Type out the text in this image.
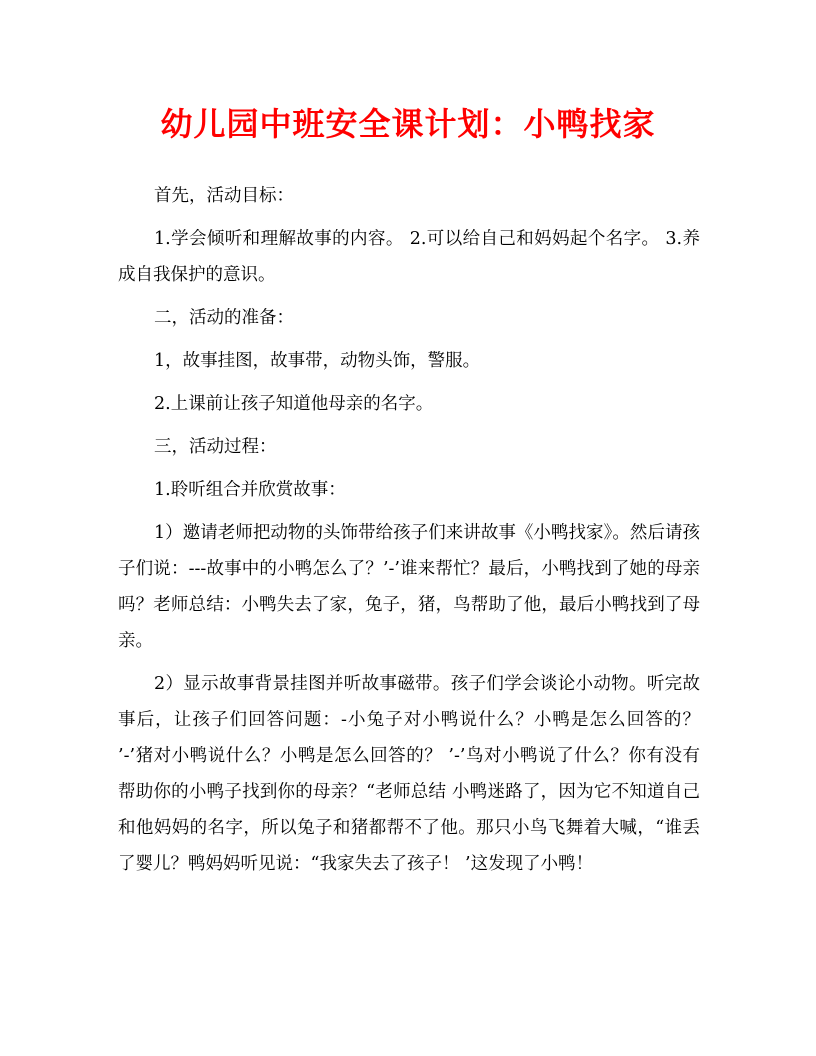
幼儿园中班安全课计划：小鸭找家

首先，活动目标：

1.学会倾听和理解故事的内容。 2.可以给自己和妈妈起个名字。 3.养成自我保护的意识。

二，活动的准备：

1，故事挂图，故事带，动物头饰，警服。

2.上课前让孩子知道他母亲的名字。

三，活动过程：

1.聆听组合并欣赏故事：

1）邀请老师把动物的头饰带给孩子们来讲故事《小鸭找家》。然后请孩子们说：---故事中的小鸭怎么了？’-’谁来帮忙？最后，小鸭找到了她的母亲吗？老师总结：小鸭失去了家，兔子，猪，鸟帮助了他，最后小鸭找到了母亲。

2）显示故事背景挂图并听故事磁带。孩子们学会谈论小动物。听完故事后，让孩子们回答问题：-小兔子对小鸭说什么？小鸭是怎么回答的？ ’-’猪对小鸭说什么？小鸭是怎么回答的？ ’-’鸟对小鸭说了什么？你有没有帮助你的小鸭子找到你的母亲？“老师总结 小鸭迷路了，因为它不知道自己和他妈妈的名字，所以兔子和猪都帮不了他。那只小鸟飞舞着大喊，“谁丢了婴儿？鸭妈妈听见说：“我家失去了孩子！ ’这发现了小鸭！
